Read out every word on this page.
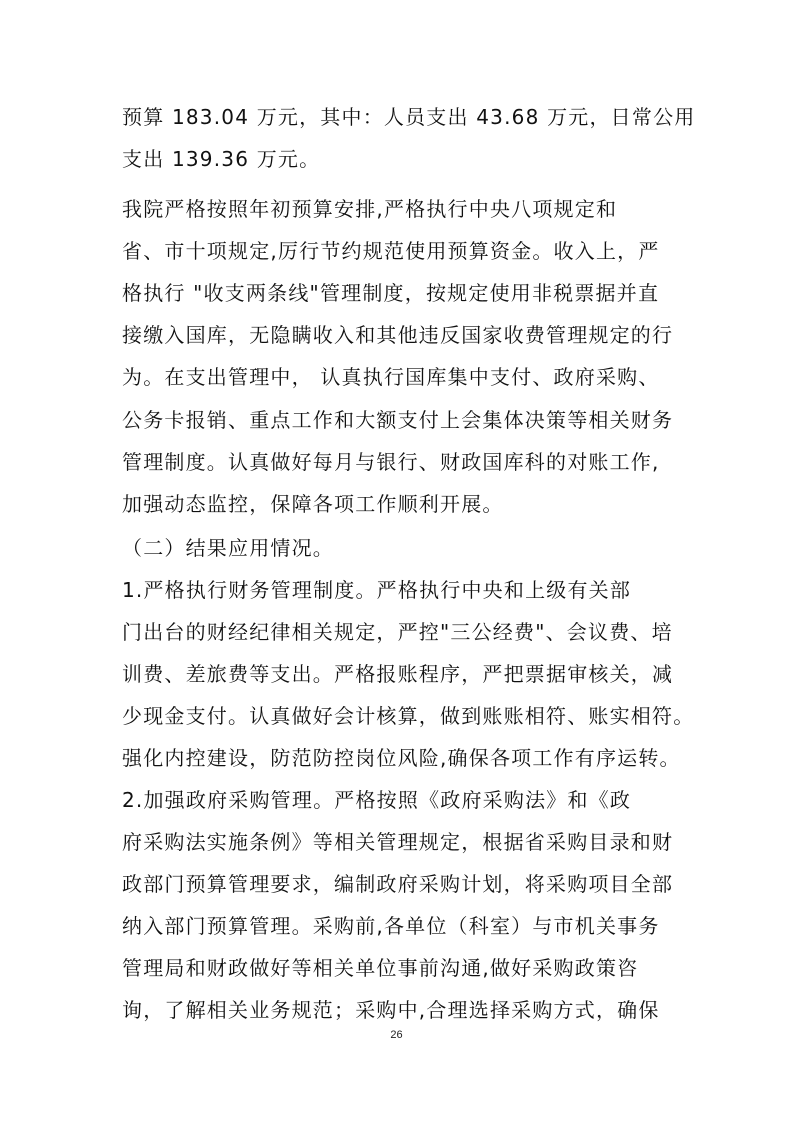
预算 183.04 万元，其中：人员支出 43.68 万元，日常公用
支出 139.36 万元。
我院严格按照年初预算安排,严格执行中央八项规定和
省、市十项规定,厉行节约规范使用预算资金。收入上，严
格执行 "收支两条线"管理制度，按规定使用非税票据并直
接缴入国库，无隐瞒收入和其他违反国家收费管理规定的行
为。在支出管理中， 认真执行国库集中支付、政府采购、
公务卡报销、重点工作和大额支付上会集体决策等相关财务
管理制度。认真做好每月与银行、财政国库科的对账工作,
加强动态监控，保障各项工作顺利开展。
（二）结果应用情况。
1.严格执行财务管理制度。严格执行中央和上级有关部
门出台的财经纪律相关规定，严控"三公经费"、会议费、培
训费、差旅费等支出。严格报账程序，严把票据审核关，减
少现金支付。认真做好会计核算，做到账账相符、账实相符。
强化内控建设，防范防控岗位风险,确保各项工作有序运转。
2.加强政府采购管理。严格按照《政府采购法》和《政
府采购法实施条例》等相关管理规定，根据省采购目录和财
政部门预算管理要求，编制政府采购计划，将采购项目全部
纳入部门预算管理。采购前,各单位（科室）与市机关事务
管理局和财政做好等相关单位事前沟通,做好采购政策咨
询，了解相关业务规范；采购中,合理选择采购方式，确保
26
